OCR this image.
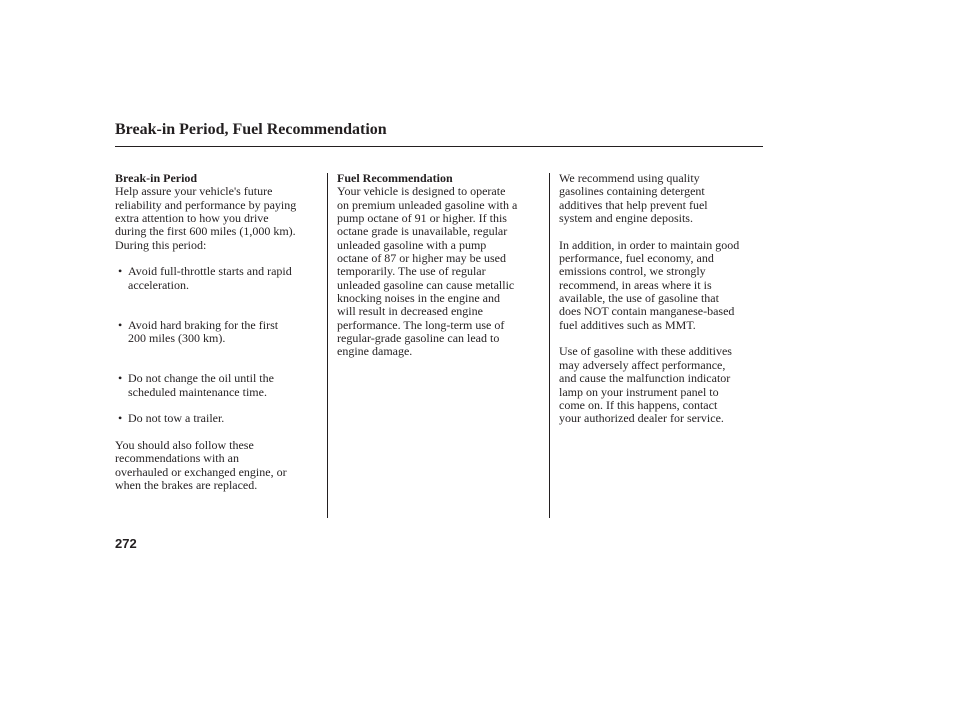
Break-in Period, Fuel Recommendation
Break-in Period
Help assure your vehicle's future
reliability and performance by paying
extra attention to how you drive
during the first 600 miles (1,000 km).
During this period:
• Avoid full-throttle starts and rapid
acceleration.
• Avoid hard braking for the first
200 miles (300 km).
• Do not change the oil until the
scheduled maintenance time.
• Do not tow a trailer.
You should also follow these
recommendations with an
overhauled or exchanged engine, or
when the brakes are replaced.
Fuel Recommendation
Your vehicle is designed to operate
on premium unleaded gasoline with a
pump octane of 91 or higher. If this
octane grade is unavailable, regular
unleaded gasoline with a pump
octane of 87 or higher may be used
temporarily. The use of regular
unleaded gasoline can cause metallic
knocking noises in the engine and
will result in decreased engine
performance. The long-term use of
regular-grade gasoline can lead to
engine damage.
We recommend using quality
gasolines containing detergent
additives that help prevent fuel
system and engine deposits.
In addition, in order to maintain good
performance, fuel economy, and
emissions control, we strongly
recommend, in areas where it is
available, the use of gasoline that
does NOT contain manganese-based
fuel additives such as MMT.
Use of gasoline with these additives
may adversely affect performance,
and cause the malfunction indicator
lamp on your instrument panel to
come on. If this happens, contact
your authorized dealer for service.
272
